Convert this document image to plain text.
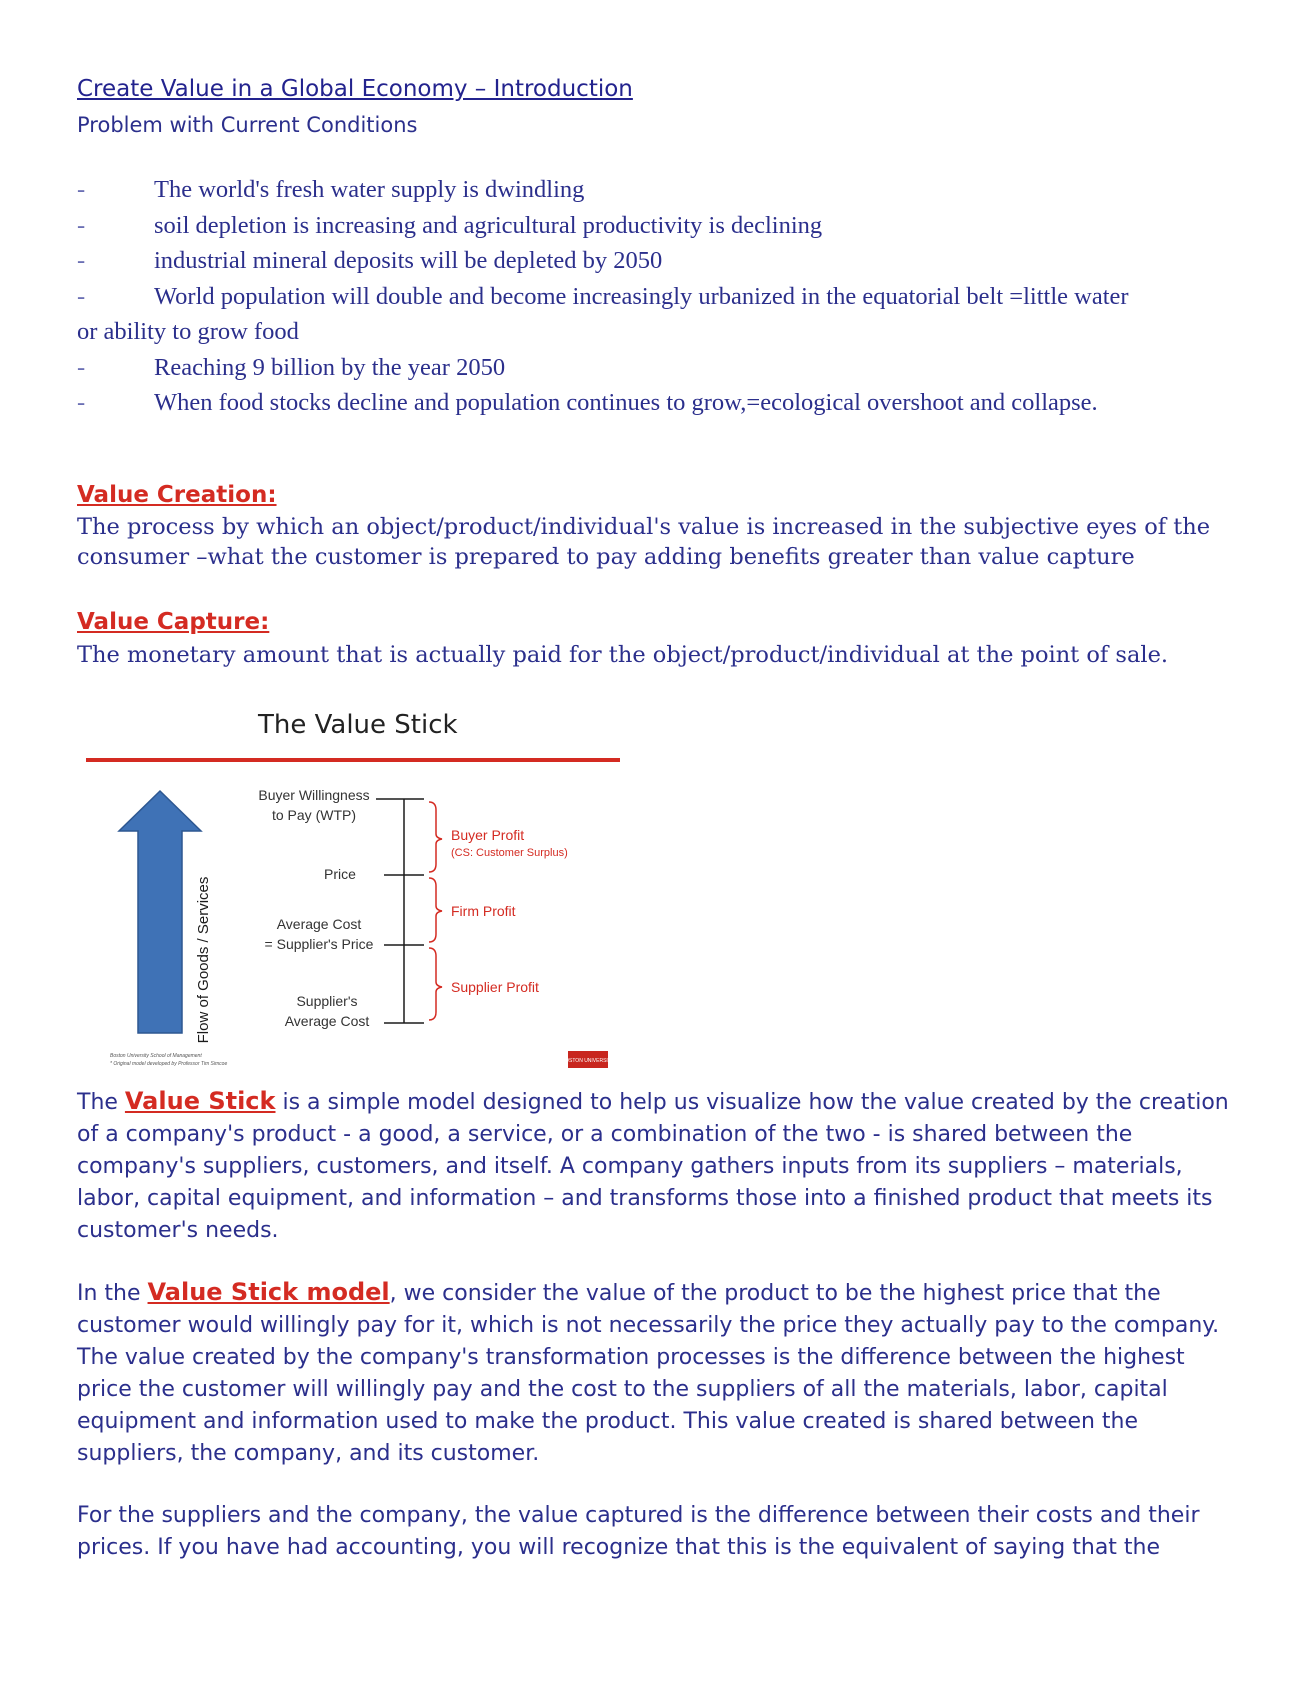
Create Value in a Global Economy – Introduction
Problem with Current Conditions
-	The world's fresh water supply is dwindling
-	soil depletion is increasing and agricultural productivity is declining
-	industrial mineral deposits will be depleted by 2050
-	World population will double and become increasingly urbanized in the equatorial belt =little water
or ability to grow food
-	Reaching 9 billion by the year 2050
-	When food stocks decline and population continues to grow,=ecological overshoot and collapse.
Value Creation:
The process by which an object/product/individual's value is increased in the subjective eyes of the consumer –what the customer is prepared to pay adding benefits greater than value capture
Value Capture:
The monetary amount that is actually paid for the object/product/individual at the point of sale.
The Value Stick
Flow of Goods / Services
Buyer Willingness
to Pay (WTP)
Price
Average Cost
= Supplier's Price
Supplier's
Average Cost
Buyer Profit
(CS: Customer Surplus)
Firm Profit
Supplier Profit
Boston University School of Management
* Original model developed by Professor Tim Simcoe	BOSTON UNIVERSITY
The Value Stick is a simple model designed to help us visualize how the value created by the creation of a company's product - a good, a service, or a combination of the two - is shared between the company's suppliers, customers, and itself. A company gathers inputs from its suppliers – materials, labor, capital equipment, and information – and transforms those into a finished product that meets its customer's needs.
In the Value Stick model, we consider the value of the product to be the highest price that the customer would willingly pay for it, which is not necessarily the price they actually pay to the company. The value created by the company's transformation processes is the difference between the highest price the customer will willingly pay and the cost to the suppliers of all the materials, labor, capital equipment and information used to make the product. This value created is shared between the suppliers, the company, and its customer.
For the suppliers and the company, the value captured is the difference between their costs and their prices. If you have had accounting, you will recognize that this is the equivalent of saying that the
